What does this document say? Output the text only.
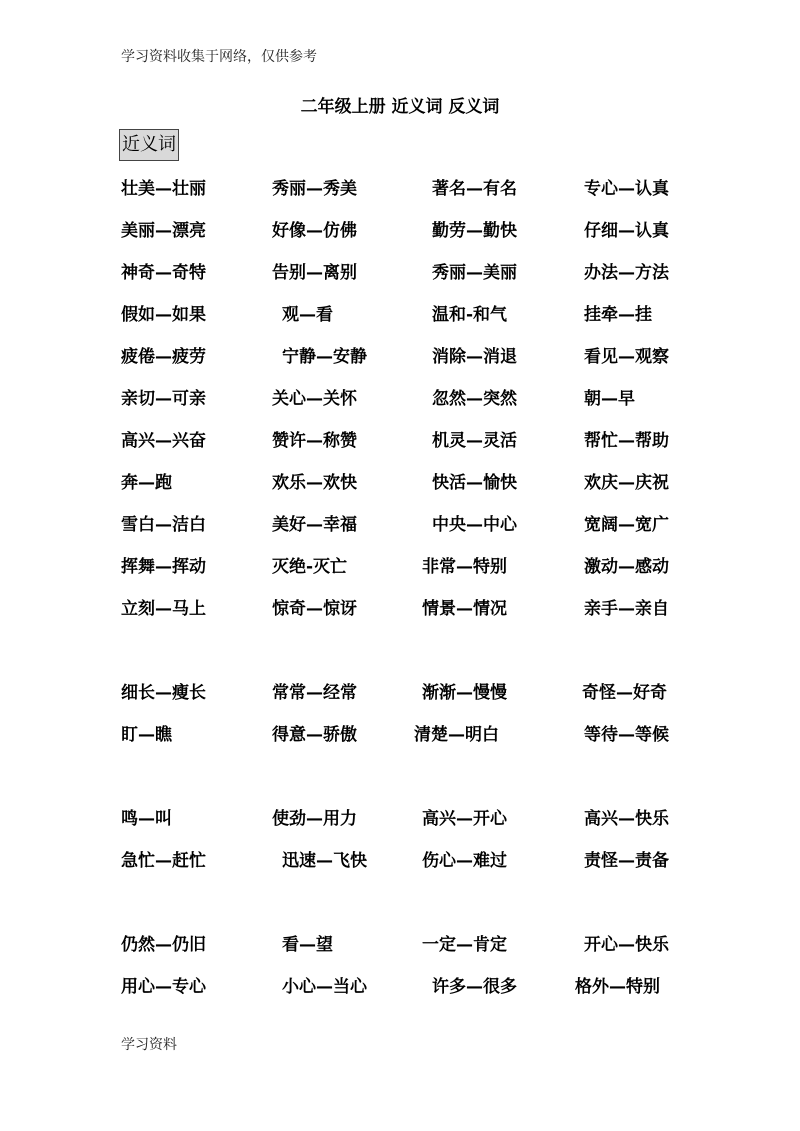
学习资料收集于网络，仅供参考
二年级上册 近义词 反义词
近义词
壮美—壮丽	秀丽—秀美	著名—有名	专心—认真
美丽—漂亮	好像—仿佛	勤劳—勤快	仔细—认真
神奇—奇特	告别—离别	秀丽—美丽	办法—方法
假如—如果	观—看	温和-和气	挂牵—挂
疲倦—疲劳	宁静—安静	消除—消退	看见—观察
亲切—可亲	关心—关怀	忽然—突然	朝—早
高兴—兴奋	赞许—称赞	机灵—灵活	帮忙—帮助
奔—跑	欢乐—欢快	快活—愉快	欢庆—庆祝
雪白—洁白	美好—幸福	中央—中心	宽阔—宽广
挥舞—挥动	灭绝-灭亡	非常—特别	激动—感动
立刻—马上	惊奇—惊讶	情景—情况	亲手—亲自
细长—瘦长	常常—经常	渐渐—慢慢	奇怪—好奇
盯—瞧	得意—骄傲	清楚—明白	等待—等候
鸣—叫	使劲—用力	高兴—开心	高兴—快乐
急忙—赶忙	迅速—飞快	伤心—难过	责怪—责备
仍然—仍旧	看—望	一定—肯定	开心—快乐
用心—专心	小心—当心	许多—很多	格外—特别
学习资料
